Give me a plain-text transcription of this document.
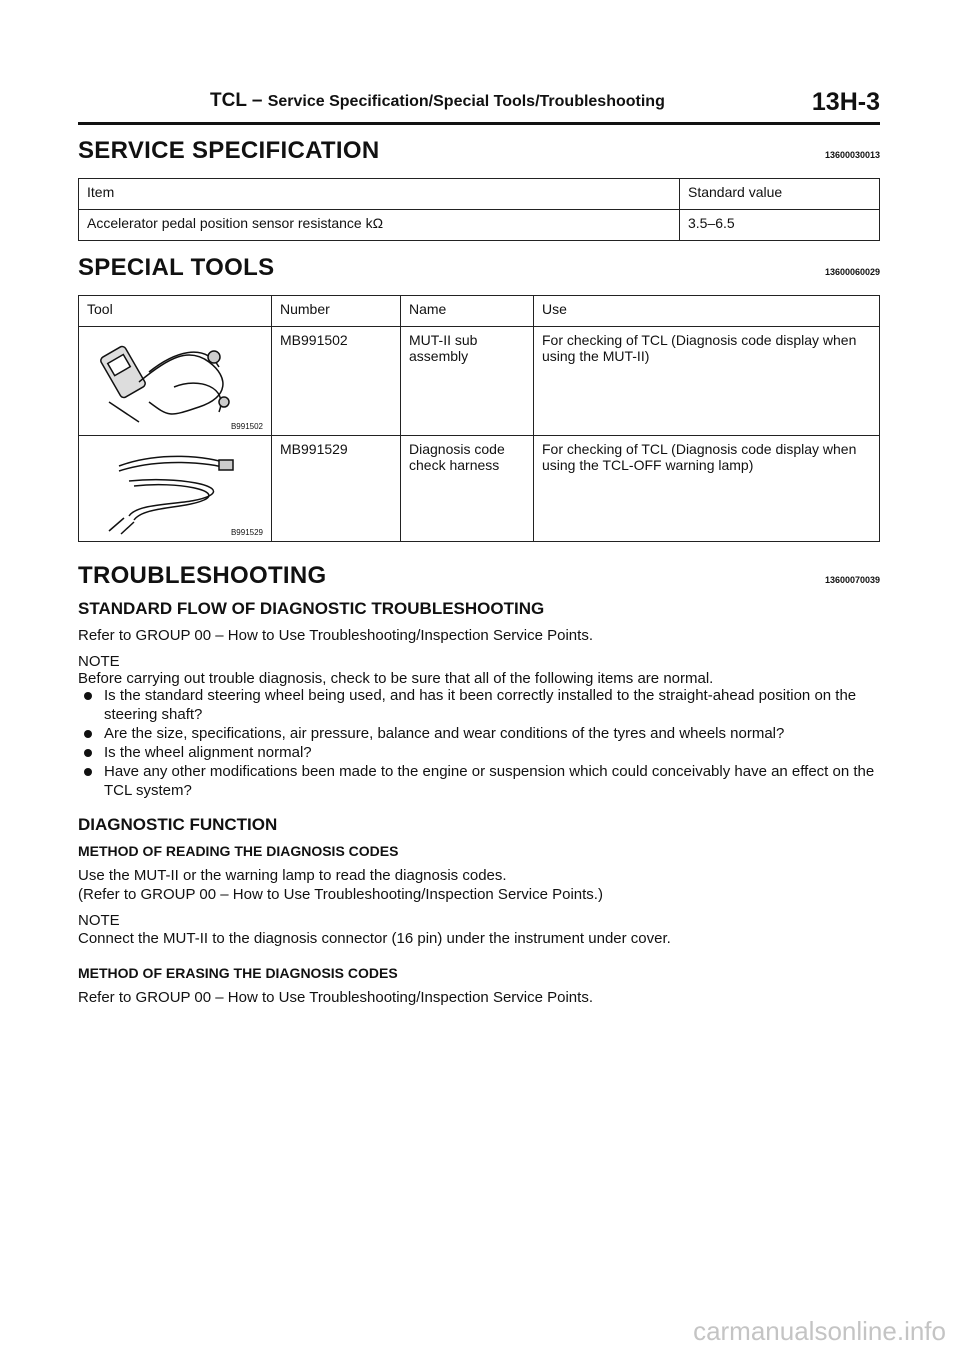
TCL – Service Specification/Special Tools/Troubleshooting	13H-3
SERVICE SPECIFICATION	13600030013
Item	Standard value
Accelerator pedal position sensor resistance kΩ	3.5–6.5
SPECIAL TOOLS	13600060029
Tool	Number	Name	Use

B991502	MB991502	MUT-II sub assembly	For checking of TCL (Diagnosis code display when using the MUT-II)

B991529	MB991529	Diagnosis code check harness	For checking of TCL (Diagnosis code display when using the TCL-OFF warning lamp)
TROUBLESHOOTING	13600070039
STANDARD FLOW OF DIAGNOSTIC TROUBLESHOOTING
Refer to GROUP 00 – How to Use Troubleshooting/Inspection Service Points.
NOTE
Before carrying out trouble diagnosis, check to be sure that all of the following items are normal.
Is the standard steering wheel being used, and has it been correctly installed to the straight-ahead position on the steering shaft?
Are the size, specifications, air pressure, balance and wear conditions of the tyres and wheels normal?
Is the wheel alignment normal?
Have any other modifications been made to the engine or suspension which could conceivably have an effect on the TCL system?
DIAGNOSTIC FUNCTION
METHOD OF READING THE DIAGNOSIS CODES
Use the MUT-II or the warning lamp to read the diagnosis codes.
(Refer to GROUP 00 – How to Use Troubleshooting/Inspection Service Points.)
NOTE
Connect the MUT-II to the diagnosis connector (16 pin) under the instrument under cover.
METHOD OF ERASING THE DIAGNOSIS CODES
Refer to GROUP 00 – How to Use Troubleshooting/Inspection Service Points.
carmanualsonline.info
